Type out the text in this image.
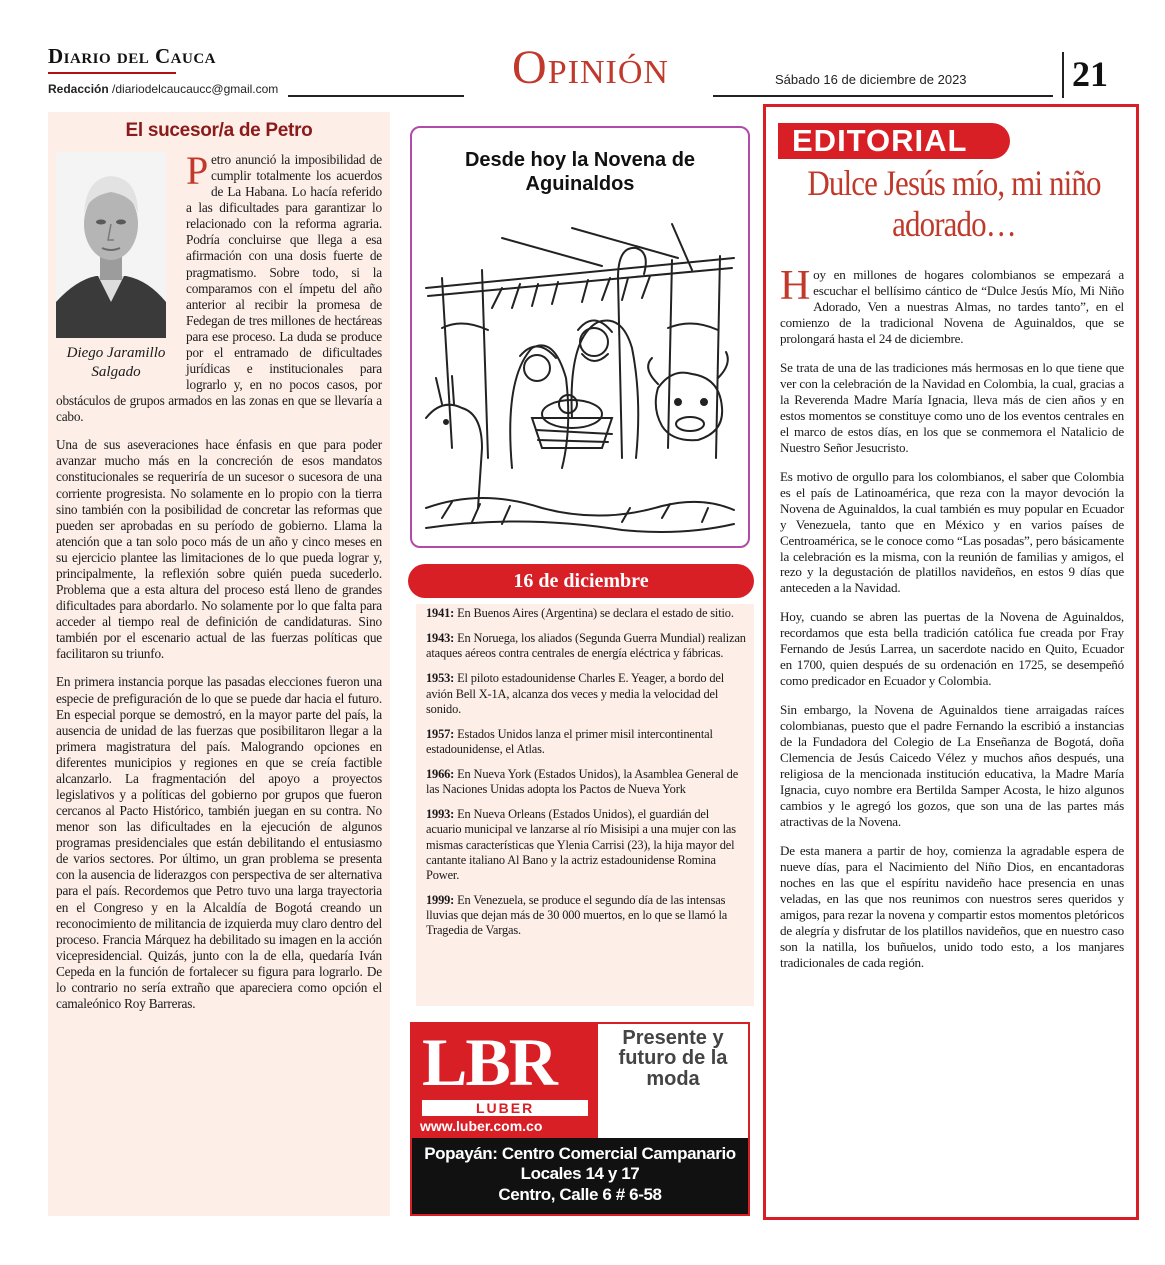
Diario del Cauca
Redacción /diariodelcaucaucc@gmail.com	Opinión	Sábado 16 de diciembre de 2023	21
El sucesor/a de Petro
Diego Jaramillo Salgado

Petro anunció la imposibilidad de cumplir totalmente los acuerdos de La Habana. Lo hacía referido a las dificultades para garantizar lo relacionado con la reforma agraria. Podría concluirse que llega a esa afirmación con una dosis fuerte de pragmatismo. Sobre todo, si la comparamos con el ímpetu del año anterior al recibir la promesa de Fedegan de tres millones de hectáreas para ese proceso. La duda se produce por el entramado de dificultades jurídicas e institucionales para lograrlo y, en no pocos casos, por obstáculos de grupos armados en las zonas en que se llevaría a cabo.

Una de sus aseveraciones hace énfasis en que para poder avanzar mucho más en la concreción de esos mandatos constitucionales se requeriría de un sucesor o sucesora de una corriente progresista. No solamente en lo propio con la tierra sino también con la posibilidad de concretar las reformas que pueden ser aprobadas en su período de gobierno. Llama la atención que a tan solo poco más de un año y cinco meses en su ejercicio plantee las limitaciones de lo que pueda lograr y, principalmente, la reflexión sobre quién pueda sucederlo. Problema que a esta altura del proceso está lleno de grandes dificultades para abordarlo. No solamente por lo que falta para acceder al tiempo real de definición de candidaturas. Sino también por el escenario actual de las fuerzas políticas que facilitaron su triunfo.

En primera instancia porque las pasadas elecciones fueron una especie de prefiguración de lo que se puede dar hacia el futuro. En especial porque se demostró, en la mayor parte del país, la ausencia de unidad de las fuerzas que posibilitaron llegar a la primera magistratura del país. Malogrando opciones en diferentes municipios y regiones en que se creía factible alcanzarlo. La fragmentación del apoyo a proyectos legislativos y a políticas del gobierno por grupos que fueron cercanos al Pacto Histórico, también juegan en su contra. No menor son las dificultades en la ejecución de algunos programas presidenciales que están debilitando el entusiasmo de varios sectores. Por último, un gran problema se presenta con la ausencia de liderazgos con perspectiva de ser alternativa para el país. Recordemos que Petro tuvo una larga trayectoria en el Congreso y en la Alcaldía de Bogotá creando un reconocimiento de militancia de izquierda muy claro dentro del proceso. Francia Márquez ha debilitado su imagen en la acción vicepresidencial. Quizás, junto con la de ella, quedaría Iván Cepeda en la función de fortalecer su figura para lograrlo. De lo contrario no sería extraño que apareciera como opción el camaleónico Roy Barreras.

Desde hoy la Novena de Aguinaldos
16 de diciembre

1941: En Buenos Aires (Argentina) se declara el estado de sitio.

1943: En Noruega, los aliados (Segunda Guerra Mundial) realizan ataques aéreos contra centrales de energía eléctrica y fábricas.

1953: El piloto estadounidense Charles E. Yeager, a bordo del avión Bell X-1A, alcanza dos veces y media la velocidad del sonido.

1957: Estados Unidos lanza el primer misil intercontinental estadounidense, el Atlas.

1966: En Nueva York (Estados Unidos), la Asamblea General de las Naciones Unidas adopta los Pactos de Nueva York

1993: En Nueva Orleans (Estados Unidos), el guardián del acuario municipal ve lanzarse al río Misisipi a una mujer con las mismas características que Ylenia Carrisi (23), la hija mayor del cantante italiano Al Bano y la actriz estadounidense Romina Power.

1999: En Venezuela, se produce el segundo día de las intensas lluvias que dejan más de 30 000 muertos, en lo que se llamó la Tragedia de Vargas.

LBR
LUBER
www.luber.com.co
Presente y futuro de la moda
Popayán: Centro Comercial Campanario
Locales 14 y 17
Centro, Calle 6 # 6-58
EDITORIAL
Dulce Jesús mío, mi niño adorado…

Hoy en millones de hogares colombianos se empezará a escuchar el bellísimo cántico de “Dulce Jesús Mío, Mi Niño Adorado, Ven a nuestras Almas, no tardes tanto”, en el comienzo de la tradicional Novena de Aguinaldos, que se prolongará hasta el 24 de diciembre.

Se trata de una de las tradiciones más hermosas en lo que tiene que ver con la celebración de la Navidad en Colombia, la cual, gracias a la Reverenda Madre María Ignacia, lleva más de cien años y en estos momentos se constituye como uno de los eventos centrales en el marco de estos días, en los que se conmemora el Natalicio de Nuestro Señor Jesucristo.

Es motivo de orgullo para los colombianos, el saber que Colombia es el país de Latinoamérica, que reza con la mayor devoción la Novena de Aguinaldos, la cual también es muy popular en Ecuador y Venezuela, tanto que en México y en varios países de Centroamérica, se le conoce como “Las posadas”, pero básicamente la celebración es la misma, con la reunión de familias y amigos, el rezo y la degustación de platillos navideños, en estos 9 días que anteceden a la Navidad.

Hoy, cuando se abren las puertas de la Novena de Aguinaldos, recordamos que esta bella tradición católica fue creada por Fray Fernando de Jesús Larrea, un sacerdote nacido en Quito, Ecuador en 1700, quien después de su ordenación en 1725, se desempeñó como predicador en Ecuador y Colombia.

Sin embargo, la Novena de Aguinaldos tiene arraigadas raíces colombianas, puesto que el padre Fernando la escribió a instancias de la Fundadora del Colegio de La Enseñanza de Bogotá, doña Clemencia de Jesús Caicedo Vélez y muchos años después, una religiosa de la mencionada institución educativa, la Madre María Ignacia, cuyo nombre era Bertilda Samper Acosta, le hizo algunos cambios y le agregó los gozos, que son una de las partes más atractivas de la Novena.

De esta manera a partir de hoy, comienza la agradable espera de nueve días, para el Nacimiento del Niño Dios, en encantadoras noches en las que el espíritu navideño hace presencia en unas veladas, en las que nos reunimos con nuestros seres queridos y amigos, para rezar la novena y compartir estos momentos pletóricos de alegría y disfrutar de los platillos navideños, que en nuestro caso son la natilla, los buñuelos, unido todo esto, a los manjares tradicionales de cada región.
